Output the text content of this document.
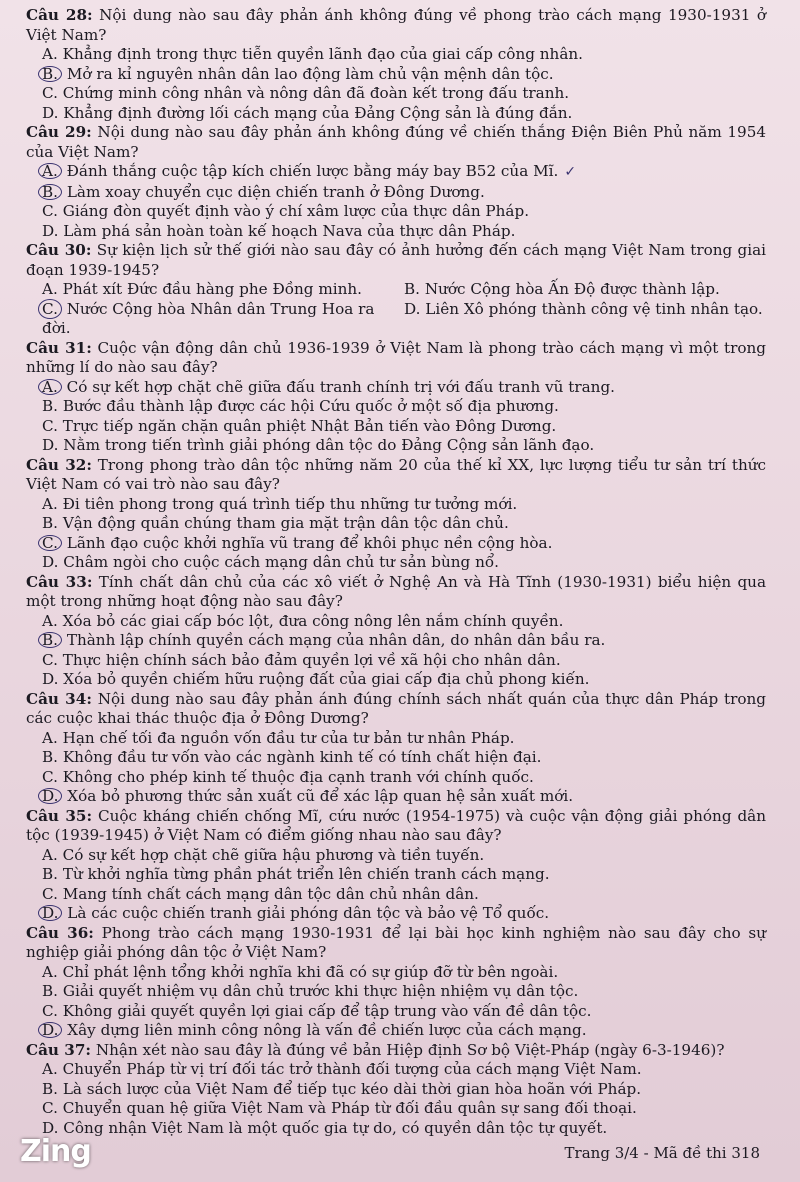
Câu 28: Nội dung nào sau đây phản ánh không đúng về phong trào cách mạng 1930-1931 ở Việt Nam?

A. Khẳng định trong thực tiễn quyền lãnh đạo của giai cấp công nhân.

B. Mở ra kỉ nguyên nhân dân lao động làm chủ vận mệnh dân tộc.

C. Chứng minh công nhân và nông dân đã đoàn kết trong đấu tranh.

D. Khẳng định đường lối cách mạng của Đảng Cộng sản là đúng đắn.

Câu 29: Nội dung nào sau đây phản ánh không đúng về chiến thắng Điện Biên Phủ năm 1954 của Việt Nam?

A. Đánh thắng cuộc tập kích chiến lược bằng máy bay B52 của Mĩ. ✓

B. Làm xoay chuyển cục diện chiến tranh ở Đông Dương.

C. Giáng đòn quyết định vào ý chí xâm lược của thực dân Pháp.

D. Làm phá sản hoàn toàn kế hoạch Nava của thực dân Pháp.

Câu 30: Sự kiện lịch sử thế giới nào sau đây có ảnh hưởng đến cách mạng Việt Nam trong giai đoạn 1939-1945?

A. Phát xít Đức đầu hàng phe Đồng minh.	B. Nước Cộng hòa Ấn Độ được thành lập.
C. Nước Cộng hòa Nhân dân Trung Hoa ra đời.
D. Liên Xô phóng thành công vệ tinh nhân tạo.

Câu 31: Cuộc vận động dân chủ 1936-1939 ở Việt Nam là phong trào cách mạng vì một trong những lí do nào sau đây?

A. Có sự kết hợp chặt chẽ giữa đấu tranh chính trị với đấu tranh vũ trang.

B. Bước đầu thành lập được các hội Cứu quốc ở một số địa phương.

C. Trực tiếp ngăn chặn quân phiệt Nhật Bản tiến vào Đông Dương.

D. Nằm trong tiến trình giải phóng dân tộc do Đảng Cộng sản lãnh đạo.

Câu 32: Trong phong trào dân tộc những năm 20 của thế kỉ XX, lực lượng tiểu tư sản trí thức Việt Nam có vai trò nào sau đây?

A. Đi tiên phong trong quá trình tiếp thu những tư tưởng mới.

B. Vận động quần chúng tham gia mặt trận dân tộc dân chủ.

C. Lãnh đạo cuộc khởi nghĩa vũ trang để khôi phục nền cộng hòa.

D. Châm ngòi cho cuộc cách mạng dân chủ tư sản bùng nổ.

Câu 33: Tính chất dân chủ của các xô viết ở Nghệ An và Hà Tĩnh (1930-1931) biểu hiện qua một trong những hoạt động nào sau đây?

A. Xóa bỏ các giai cấp bóc lột, đưa công nông lên nắm chính quyền.

B. Thành lập chính quyền cách mạng của nhân dân, do nhân dân bầu ra.

C. Thực hiện chính sách bảo đảm quyền lợi về xã hội cho nhân dân.

D. Xóa bỏ quyền chiếm hữu ruộng đất của giai cấp địa chủ phong kiến.

Câu 34: Nội dung nào sau đây phản ánh đúng chính sách nhất quán của thực dân Pháp trong các cuộc khai thác thuộc địa ở Đông Dương?

A. Hạn chế tối đa nguồn vốn đầu tư của tư bản tư nhân Pháp.

B. Không đầu tư vốn vào các ngành kinh tế có tính chất hiện đại.

C. Không cho phép kinh tế thuộc địa cạnh tranh với chính quốc.

D. Xóa bỏ phương thức sản xuất cũ để xác lập quan hệ sản xuất mới.

Câu 35: Cuộc kháng chiến chống Mĩ, cứu nước (1954-1975) và cuộc vận động giải phóng dân tộc (1939-1945) ở Việt Nam có điểm giống nhau nào sau đây?

A. Có sự kết hợp chặt chẽ giữa hậu phương và tiền tuyến.

B. Từ khởi nghĩa từng phần phát triển lên chiến tranh cách mạng.

C. Mang tính chất cách mạng dân tộc dân chủ nhân dân.

D. Là các cuộc chiến tranh giải phóng dân tộc và bảo vệ Tổ quốc.

Câu 36: Phong trào cách mạng 1930-1931 để lại bài học kinh nghiệm nào sau đây cho sự nghiệp giải phóng dân tộc ở Việt Nam?

A. Chỉ phát lệnh tổng khởi nghĩa khi đã có sự giúp đỡ từ bên ngoài.

B. Giải quyết nhiệm vụ dân chủ trước khi thực hiện nhiệm vụ dân tộc.

C. Không giải quyết quyền lợi giai cấp để tập trung vào vấn đề dân tộc.

D. Xây dựng liên minh công nông là vấn đề chiến lược của cách mạng.

Câu 37: Nhận xét nào sau đây là đúng về bản Hiệp định Sơ bộ Việt-Pháp (ngày 6-3-1946)?

A. Chuyển Pháp từ vị trí đối tác trở thành đối tượng của cách mạng Việt Nam.

B. Là sách lược của Việt Nam để tiếp tục kéo dài thời gian hòa hoãn với Pháp.

C. Chuyển quan hệ giữa Việt Nam và Pháp từ đối đầu quân sự sang đối thoại.

D. Công nhận Việt Nam là một quốc gia tự do, có quyền dân tộc tự quyết.

Trang 3/4 - Mã đề thi 318
Zing
